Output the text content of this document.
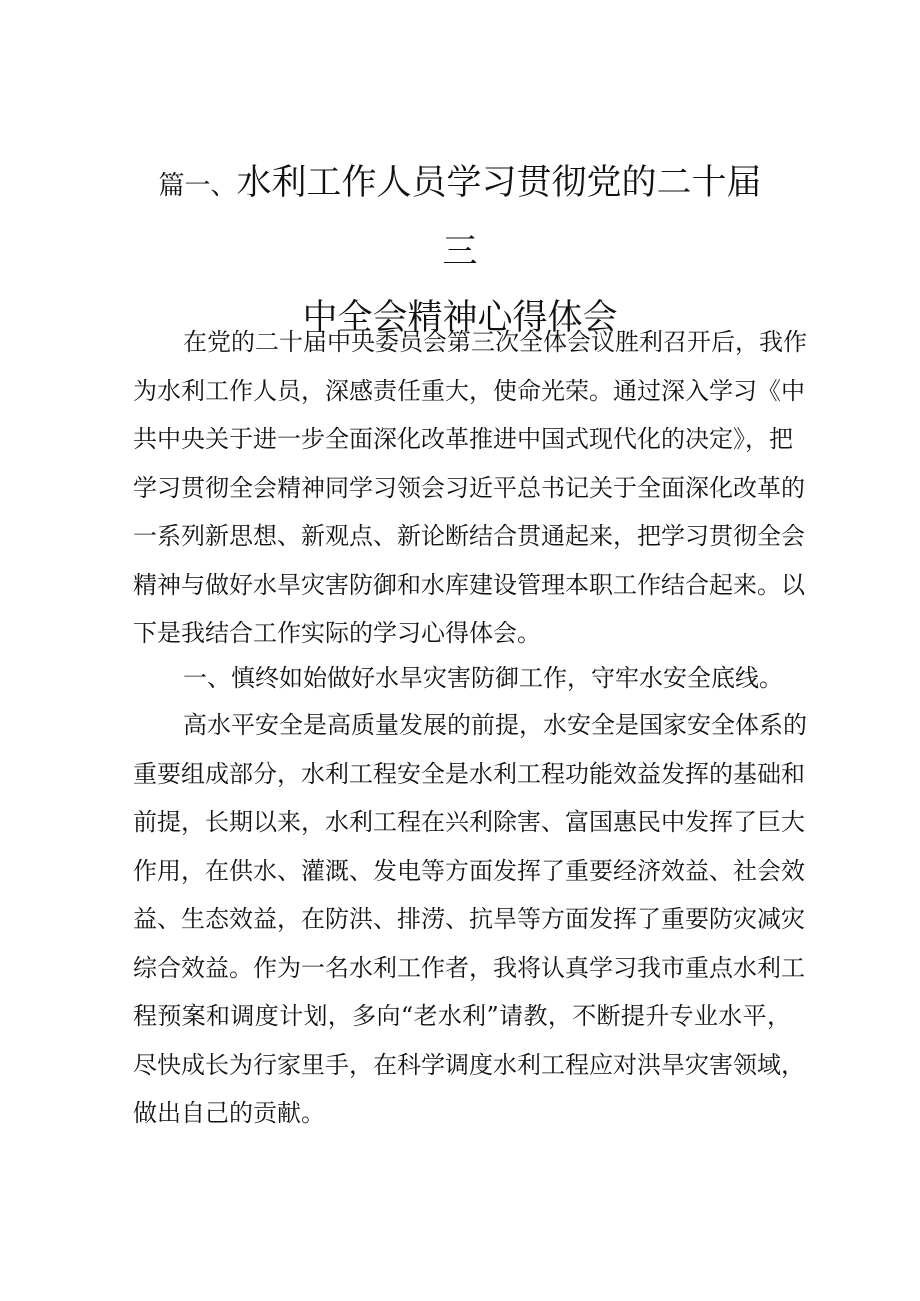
篇一、水利工作人员学习贯彻党的二十届三
中全会精神心得体会
在党的二十届中央委员会第三次全体会议胜利召开后，我作
为水利工作人员，深感责任重大，使命光荣。通过深入学习《中
共中央关于进一步全面深化改革推进中国式现代化的决定》，把
学习贯彻全会精神同学习领会习近平总书记关于全面深化改革的
一系列新思想、新观点、新论断结合贯通起来，把学习贯彻全会
精神与做好水旱灾害防御和水库建设管理本职工作结合起来。以
下是我结合工作实际的学习心得体会。
一、慎终如始做好水旱灾害防御工作，守牢水安全底线。
高水平安全是高质量发展的前提，水安全是国家安全体系的
重要组成部分，水利工程安全是水利工程功能效益发挥的基础和
前提，长期以来，水利工程在兴利除害、富国惠民中发挥了巨大
作用，在供水、灌溉、发电等方面发挥了重要经济效益、社会效
益、生态效益，在防洪、排涝、抗旱等方面发挥了重要防灾减灾
综合效益。作为一名水利工作者，我将认真学习我市重点水利工
程预案和调度计划，多向“老水利”请教，不断提升专业水平，
尽快成长为行家里手，在科学调度水利工程应对洪旱灾害领域，
做出自己的贡献。
